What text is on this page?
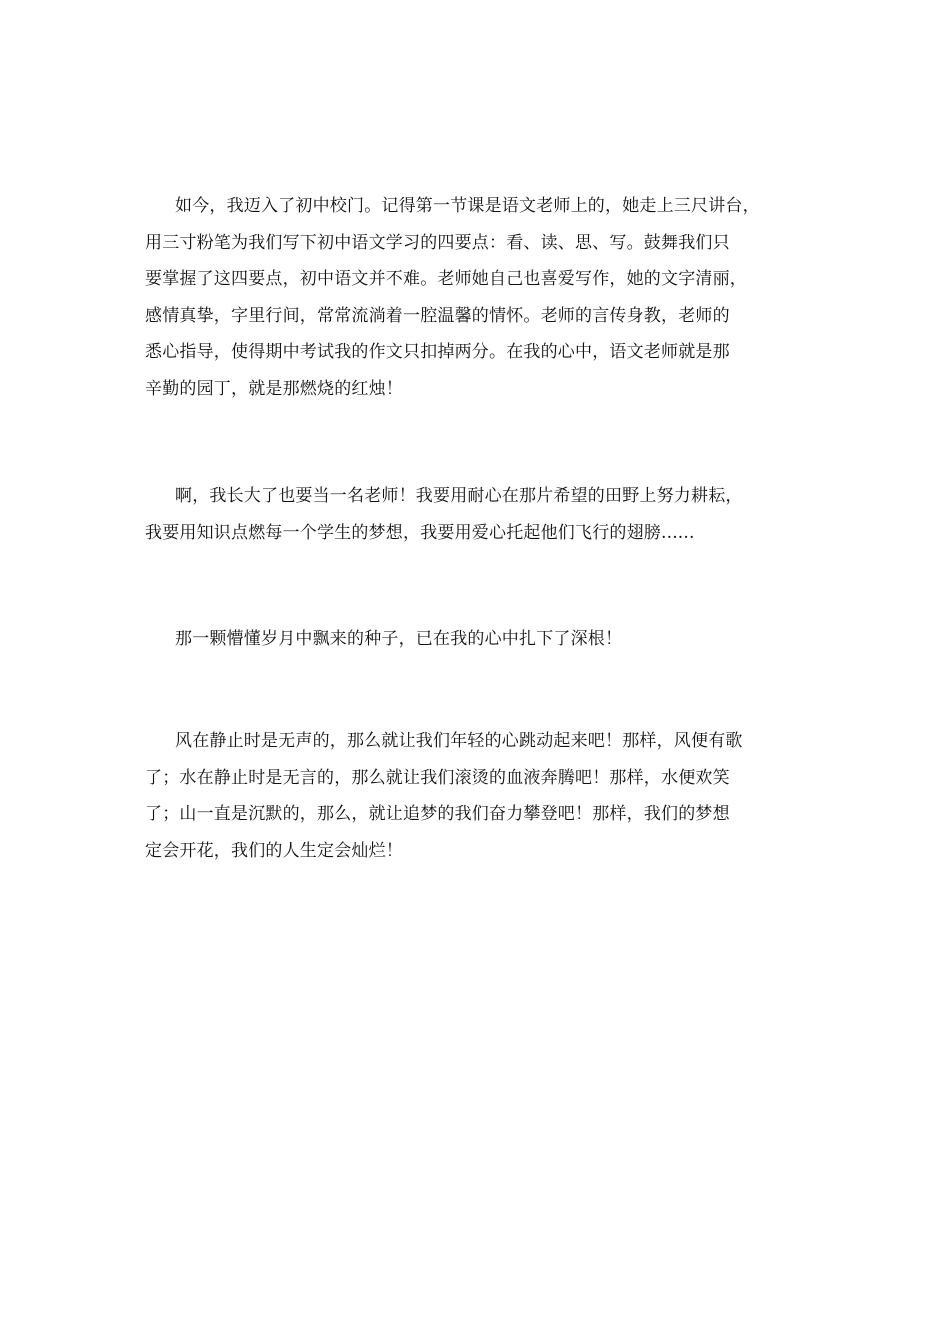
如今，我迈入了初中校门。记得第一节课是语文老师上的，她走上三尺讲台，
用三寸粉笔为我们写下初中语文学习的四要点：看、读、思、写。鼓舞我们只
要掌握了这四要点，初中语文并不难。老师她自己也喜爱写作，她的文字清丽，
感情真挚，字里行间，常常流淌着一腔温馨的情怀。老师的言传身教，老师的
悉心指导，使得期中考试我的作文只扣掉两分。在我的心中，语文老师就是那
辛勤的园丁，就是那燃烧的红烛！

啊，我长大了也要当一名老师！我要用耐心在那片希望的田野上努力耕耘，
我要用知识点燃每一个学生的梦想，我要用爱心托起他们飞行的翅膀......

那一颗懵懂岁月中飘来的种子，已在我的心中扎下了深根！

风在静止时是无声的，那么就让我们年轻的心跳动起来吧！那样，风便有歌
了；水在静止时是无言的，那么就让我们滚烫的血液奔腾吧！那样，水便欢笑
了；山一直是沉默的，那么，就让追梦的我们奋力攀登吧！那样，我们的梦想
定会开花，我们的人生定会灿烂！
